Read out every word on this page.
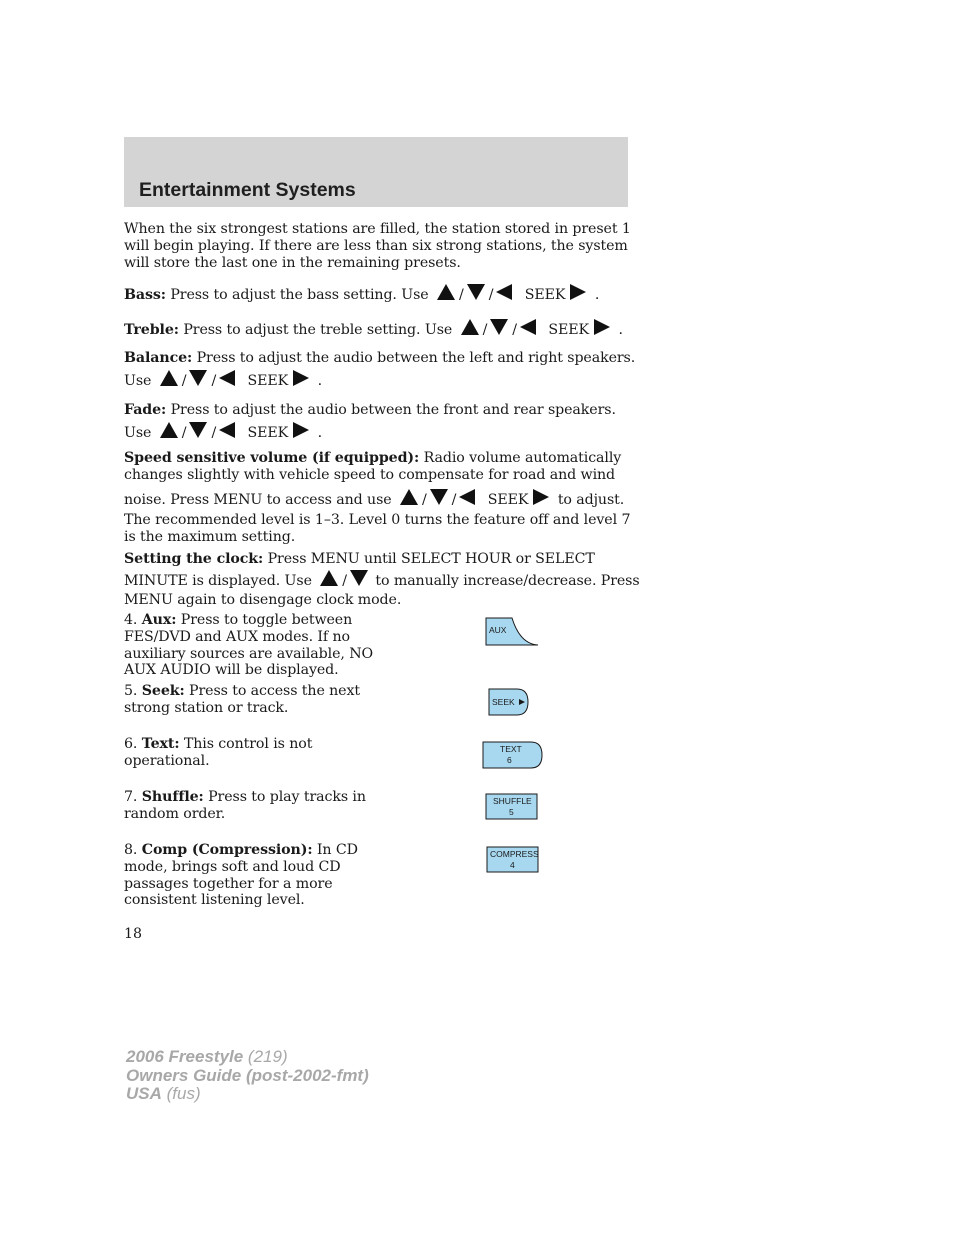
Entertainment Systems

When the six strongest stations are filled, the station stored in preset 1
will begin playing. If there are less than six strong stations, the system
will store the last one in the remaining presets.

Bass: Press to adjust the bass setting. Use / / SEEK .

Treble: Press to adjust the treble setting. Use / / SEEK .

Balance: Press to adjust the audio between the left and right speakers.
Use / / SEEK .

Fade: Press to adjust the audio between the front and rear speakers.
Use / / SEEK .

Speed sensitive volume (if equipped): Radio volume automatically
changes slightly with vehicle speed to compensate for road and wind
noise. Press MENU to access and use / / SEEK to adjust.

The recommended level is 1–3. Level 0 turns the feature off and level 7
is the maximum setting.

Setting the clock: Press MENU until SELECT HOUR or SELECT
MINUTE is displayed. Use / to manually increase/decrease. Press
MENU again to disengage clock mode.

4. Aux: Press to toggle between
FES/DVD and AUX modes. If no
auxiliary sources are available, NO
AUX AUDIO will be displayed.

AUX

5. Seek: Press to access the next
strong station or track.	SEEK

6. Text: This control is not
operational.

TEXT
6

7. Shuffle: Press to play tracks in
random order.

SHUFFLE
5

8. Comp (Compression): In CD
mode, brings soft and loud CD
passages together for a more
consistent listening level.

COMPRESS
4

18

2006 Freestyle (219)
Owners Guide (post-2002-fmt)
USA (fus)
